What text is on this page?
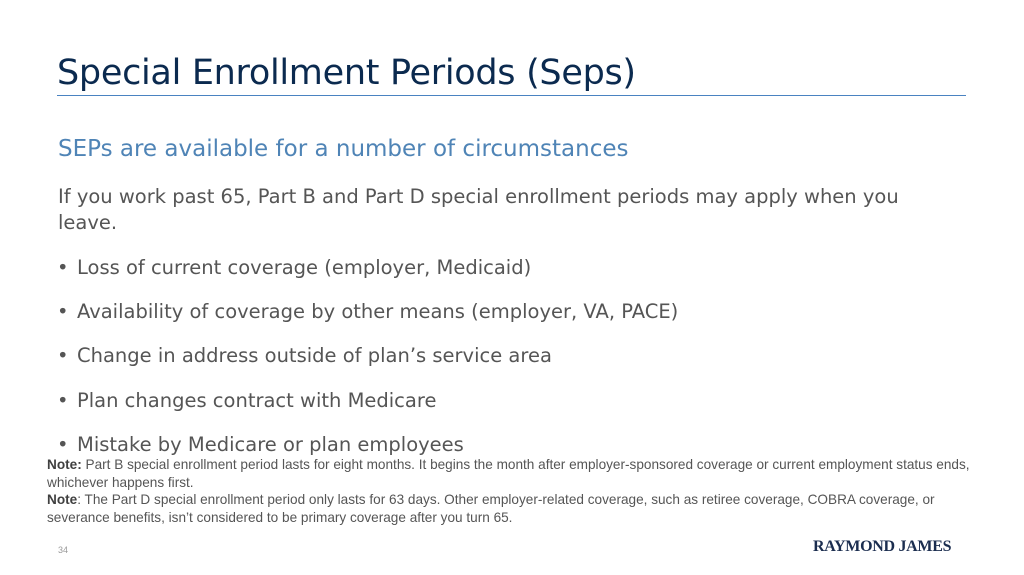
Special Enrollment Periods (Seps)
SEPs are available for a number of circumstances
If you work past 65, Part B and Part D special enrollment periods may apply when you leave.
• Loss of current coverage (employer, Medicaid)
• Availability of coverage by other means (employer, VA, PACE)
• Change in address outside of plan’s service area
• Plan changes contract with Medicare
• Mistake by Medicare or plan employees

Note: Part B special enrollment period lasts for eight months. It begins the month after employer-sponsored coverage or current employment status ends, whichever happens first.

Note: The Part D special enrollment period only lasts for 63 days. Other employer-related coverage, such as retiree coverage, COBRA coverage, or severance benefits, isn’t considered to be primary coverage after you turn 65.

34	RAYMOND JAMES
